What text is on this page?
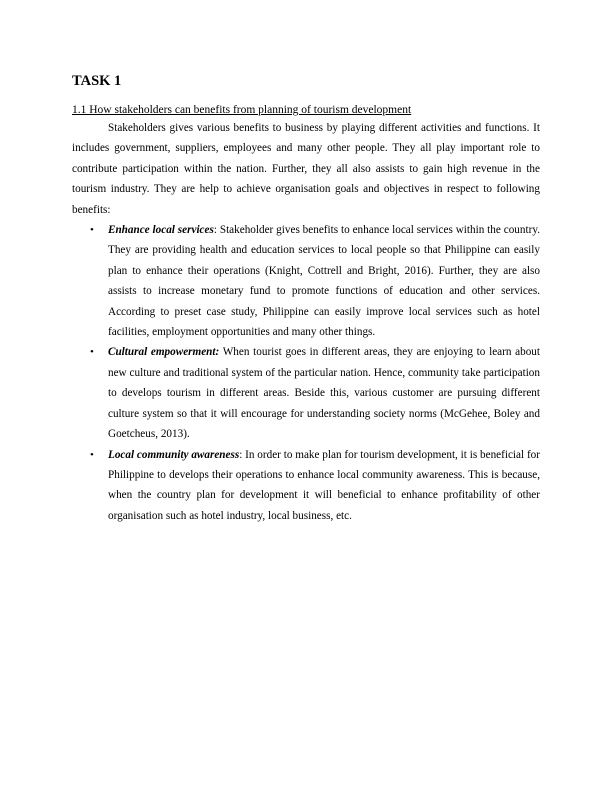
TASK 1

1.1 How stakeholders can benefits from planning of tourism development

Stakeholders gives various benefits to business by playing different activities and functions. It includes government, suppliers, employees and many other people. They all play important role to contribute participation within the nation. Further, they all also assists to gain high revenue in the tourism industry. They are help to achieve organisation goals and objectives in respect to following benefits:

• Enhance local services: Stakeholder gives benefits to enhance local services within the country. They are providing health and education services to local people so that Philippine can easily plan to enhance their operations (Knight, Cottrell and Bright, 2016). Further, they are also assists to increase monetary fund to promote functions of education and other services. According to preset case study, Philippine can easily improve local services such as hotel facilities, employment opportunities and many other things.
• Cultural empowerment: When tourist goes in different areas, they are enjoying to learn about new culture and traditional system of the particular nation. Hence, community take participation to develops tourism in different areas. Beside this, various customer are pursuing different culture system so that it will encourage for understanding society norms (McGehee, Boley and Goetcheus, 2013).
• Local community awareness: In order to make plan for tourism development, it is beneficial for Philippine to develops their operations to enhance local community awareness. This is because, when the country plan for development it will beneficial to enhance profitability of other organisation such as hotel industry, local business, etc.
